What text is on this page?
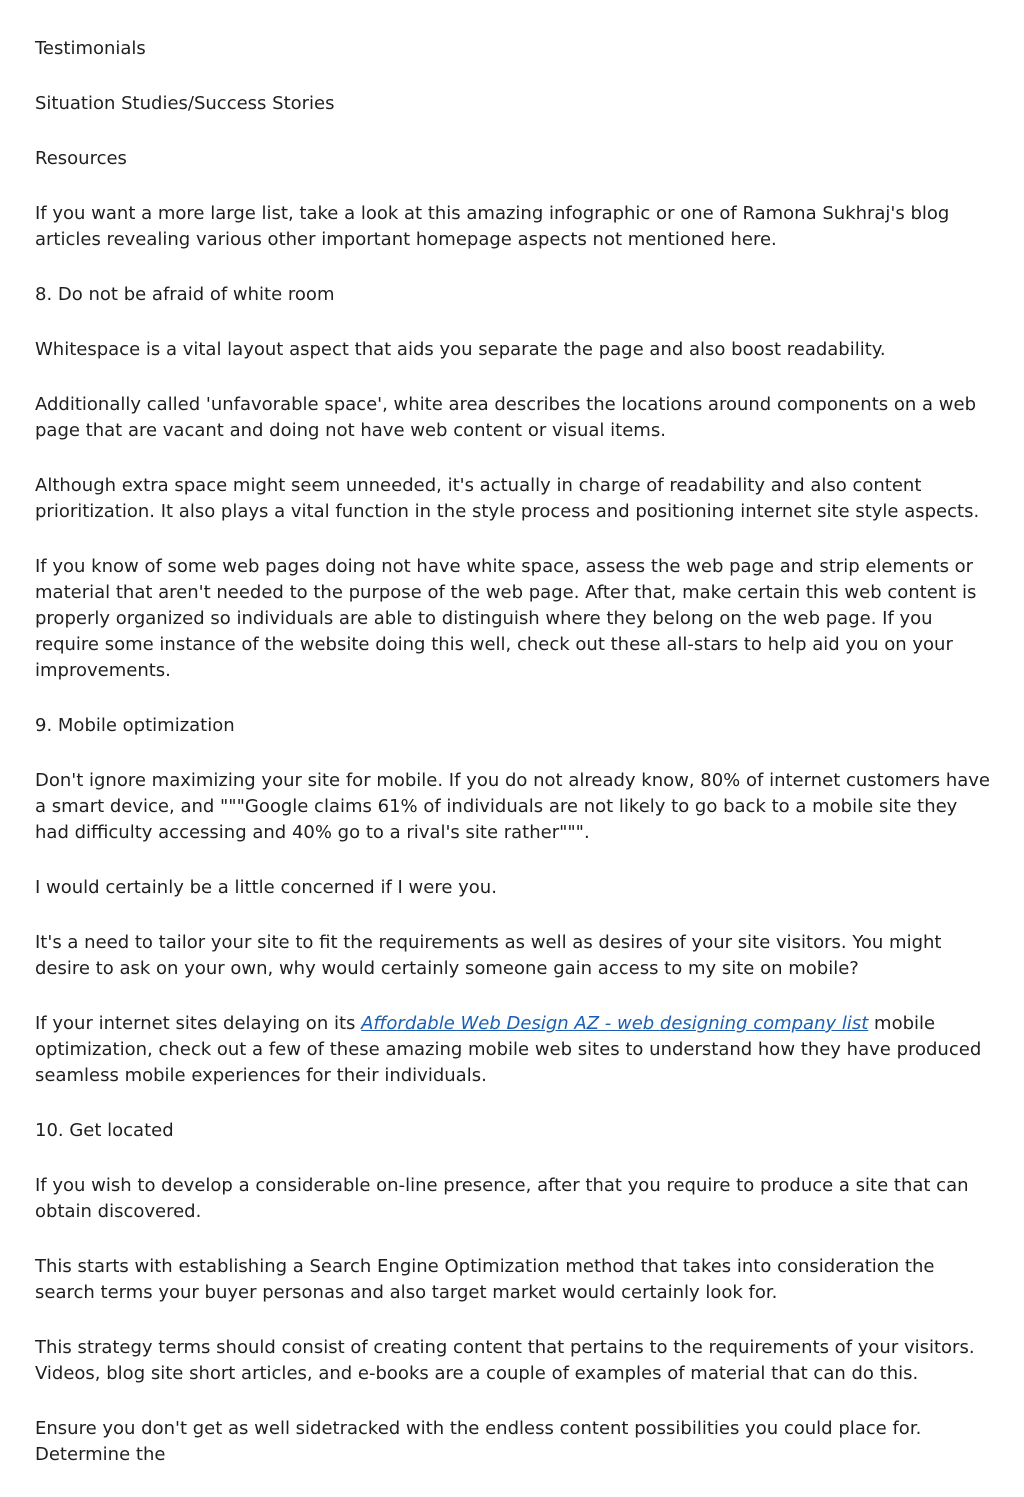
Testimonials

Situation Studies/Success Stories

Resources

If you want a more large list, take a look at this amazing infographic or one of Ramona Sukhraj's blog articles revealing various other important homepage aspects not mentioned here.

8. Do not be afraid of white room

Whitespace is a vital layout aspect that aids you separate the page and also boost readability.

Additionally called 'unfavorable space', white area describes the locations around components on a web page that are vacant and doing not have web content or visual items.

Although extra space might seem unneeded, it's actually in charge of readability and also content prioritization. It also plays a vital function in the style process and positioning internet site style aspects.

If you know of some web pages doing not have white space, assess the web page and strip elements or material that aren't needed to the purpose of the web page. After that, make certain this web content is properly organized so individuals are able to distinguish where they belong on the web page. If you require some instance of the website doing this well, check out these all-stars to help aid you on your improvements.

9. Mobile optimization

Don't ignore maximizing your site for mobile. If you do not already know, 80% of internet customers have a smart device, and """Google claims 61% of individuals are not likely to go back to a mobile site they had difficulty accessing and 40% go to a rival's site rather""".

I would certainly be a little concerned if I were you.

It's a need to tailor your site to fit the requirements as well as desires of your site visitors. You might desire to ask on your own, why would certainly someone gain access to my site on mobile?

If your internet sites delaying on its Affordable Web Design AZ - web designing company list mobile optimization, check out a few of these amazing mobile web sites to understand how they have produced seamless mobile experiences for their individuals.

10. Get located

If you wish to develop a considerable on-line presence, after that you require to produce a site that can obtain discovered.

This starts with establishing a Search Engine Optimization method that takes into consideration the search terms your buyer personas and also target market would certainly look for.

This strategy terms should consist of creating content that pertains to the requirements of your visitors. Videos, blog site short articles, and e-books are a couple of examples of material that can do this.

Ensure you don't get as well sidetracked with the endless content possibilities you could place for. Determine the
